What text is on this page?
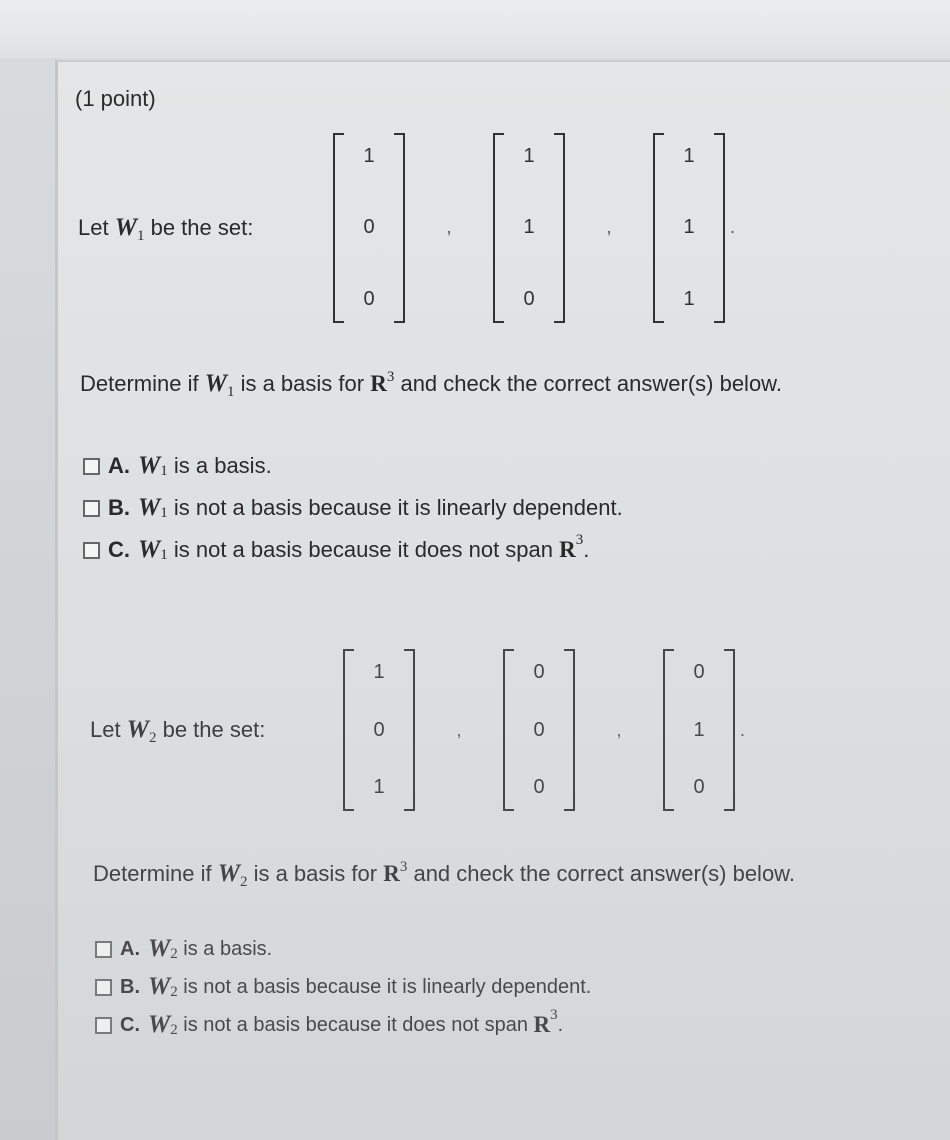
(1 point)
Let $W_1$ be the set:
1
0
0
,
1
1
0
,
1
1
1
.
Determine if $W_1$ is a basis for $R^3$ and check the correct answer(s) below.
A. W 1
is a basis.
B. W 1
is not a basis because it is linearly dependent.
C. W 1
is not a basis because it does not span
R 3 .
Let $W_2$ be the set:
1
0
1
,
0
0
0
,
0
1
0
.
Determine if $W_2$ is a basis for $R^3$ and check the correct answer(s) below.
A. W 2
is a basis.
B. W 2
is not a basis because it is linearly dependent.
C. W 2
is not a basis because it does not span
R 3 .
